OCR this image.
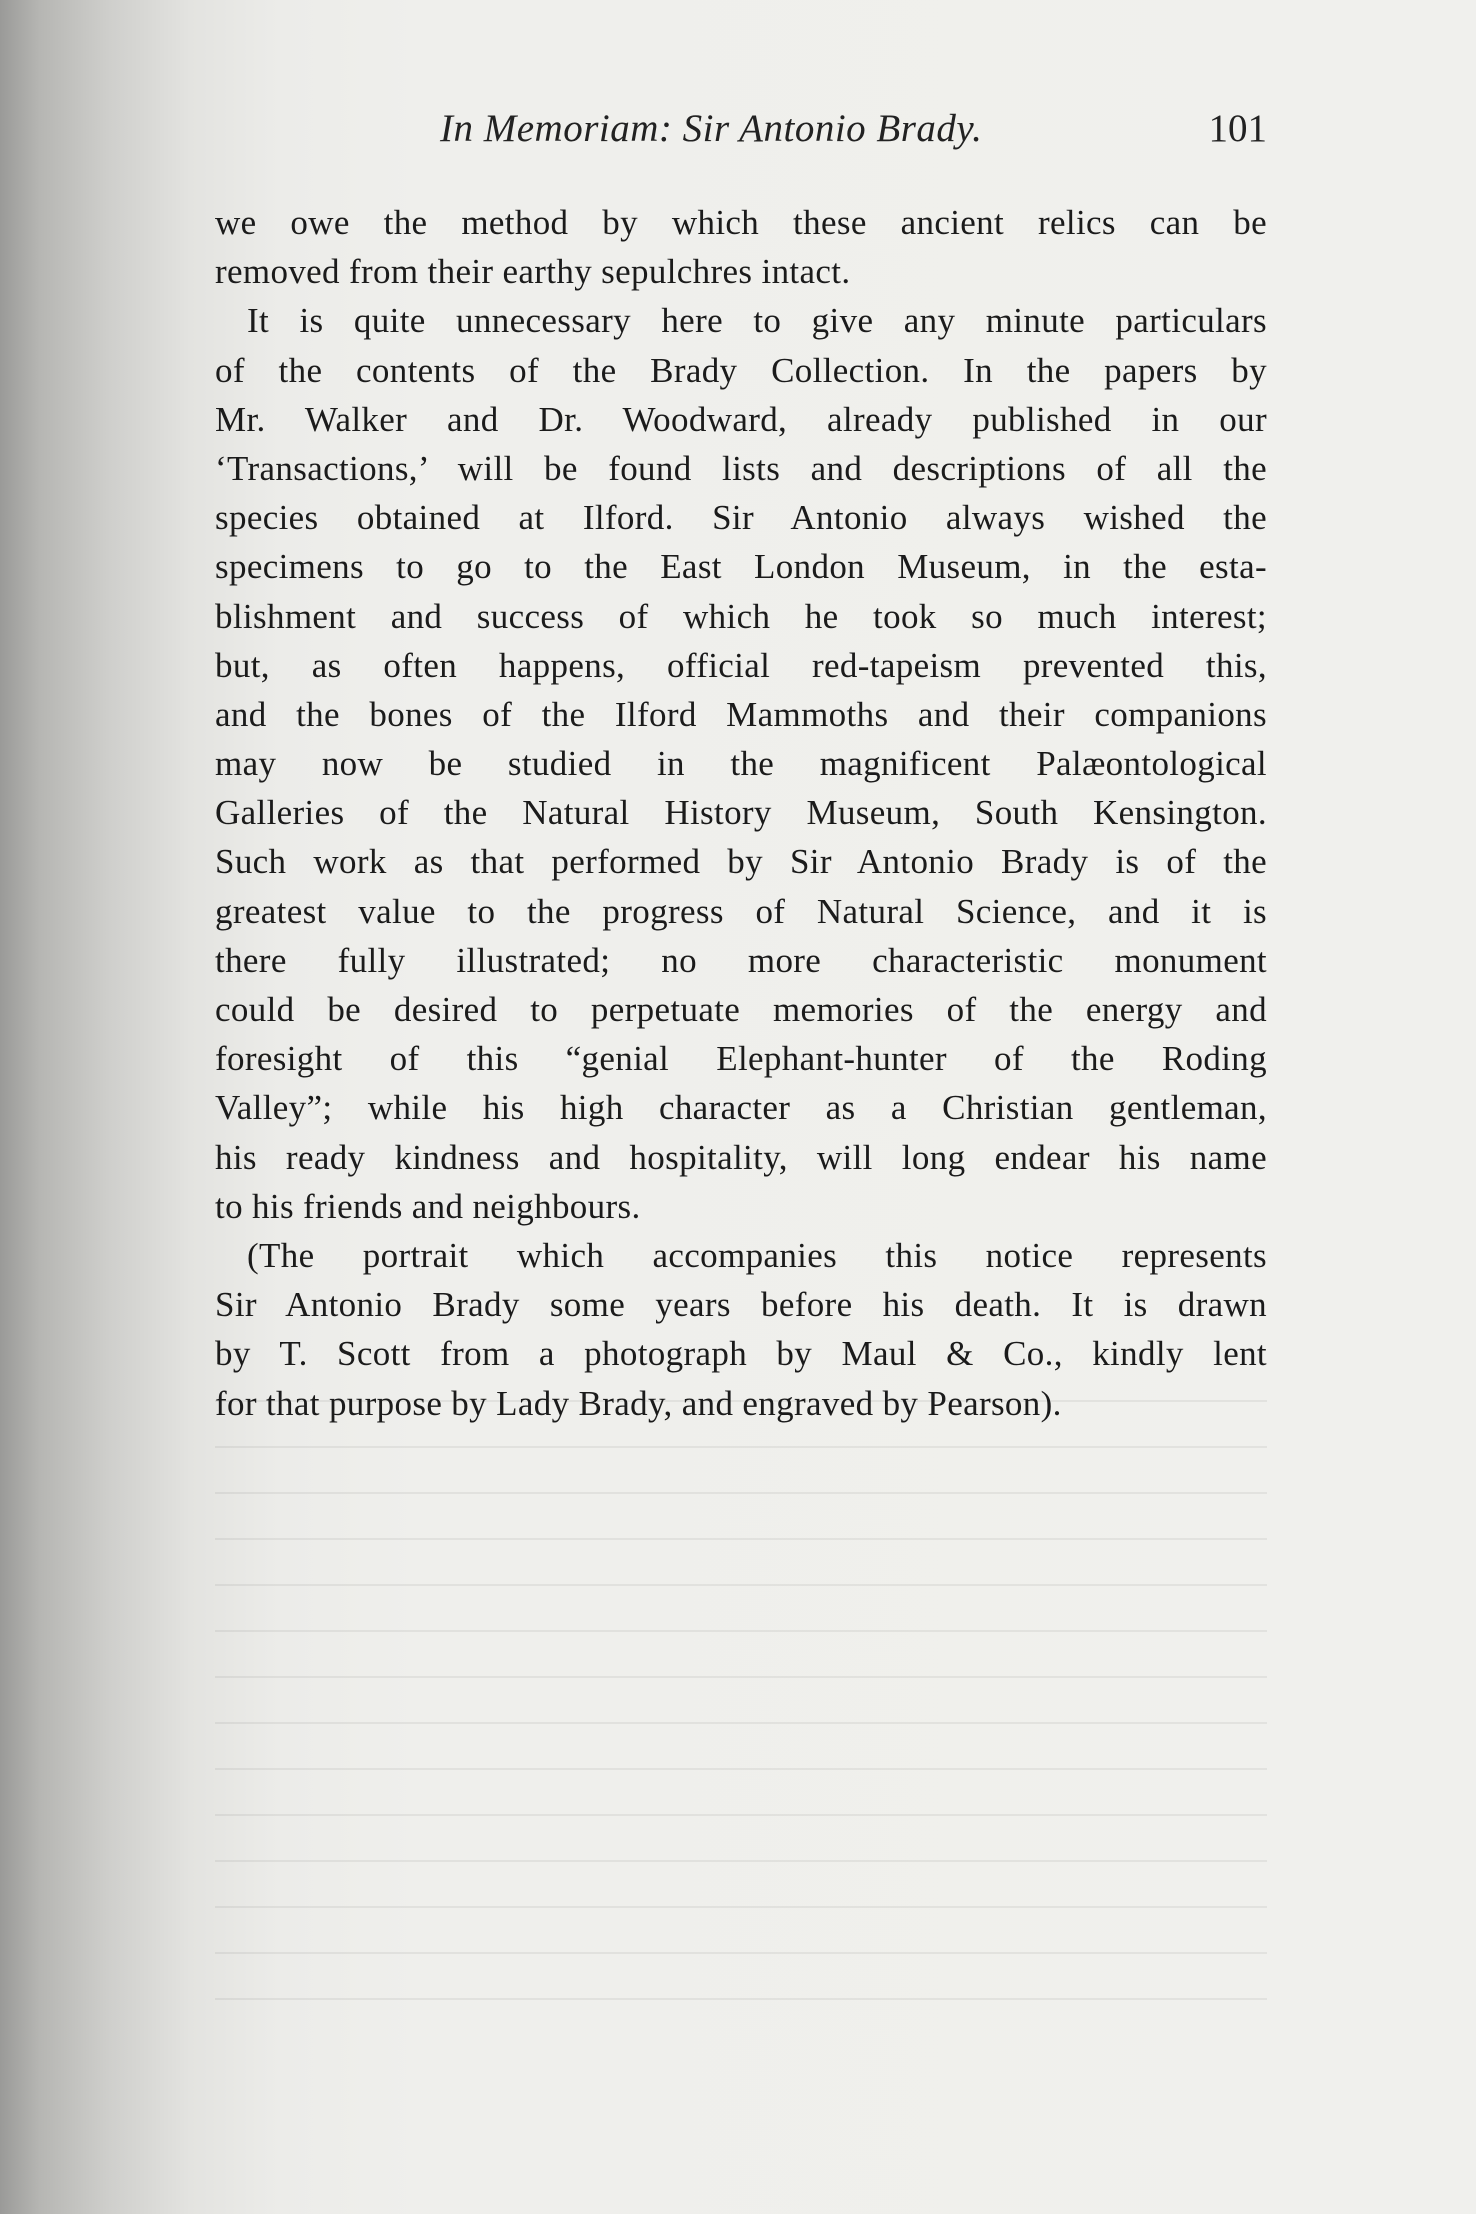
In Memoriam: Sir Antonio Brady.	101
we owe the method by which these ancient relics can be
removed from their earthy sepulchres intact.
It is quite unnecessary here to give any minute particulars
of the contents of the Brady Collection. In the papers by
Mr. Walker and Dr. Woodward, already published in our
‘Transactions,’ will be found lists and descriptions of all the
species obtained at Ilford. Sir Antonio always wished the
specimens to go to the East London Museum, in the esta-
blishment and success of which he took so much interest;
but, as often happens, official red-tapeism prevented this,
and the bones of the Ilford Mammoths and their companions
may now be studied in the magnificent Palæontological
Galleries of the Natural History Museum, South Kensington.
Such work as that performed by Sir Antonio Brady is of the
greatest value to the progress of Natural Science, and it is
there fully illustrated; no more characteristic monument
could be desired to perpetuate memories of the energy and
foresight of this “genial Elephant-hunter of the Roding
Valley”; while his high character as a Christian gentleman,
his ready kindness and hospitality, will long endear his name
to his friends and neighbours.
(The portrait which accompanies this notice represents
Sir Antonio Brady some years before his death. It is drawn
by T. Scott from a photograph by Maul & Co., kindly lent
for that purpose by Lady Brady, and engraved by Pearson).
